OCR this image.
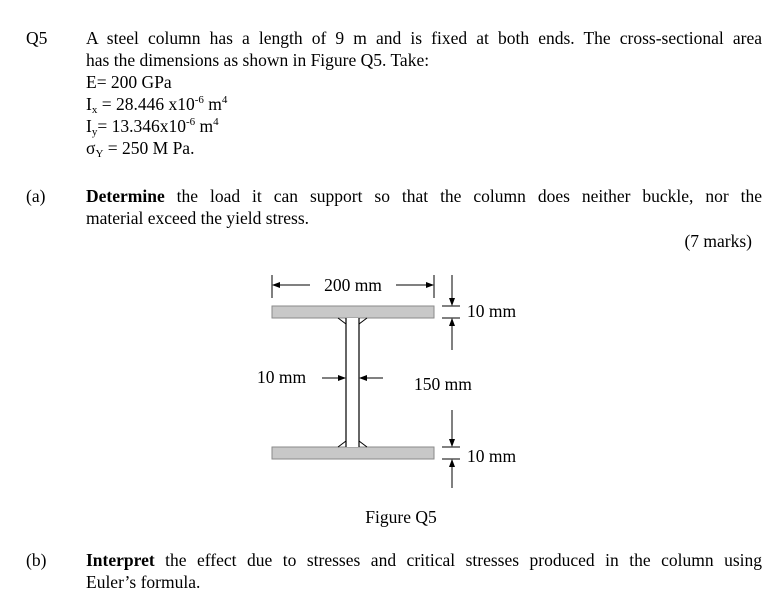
Q5 A steel column has a length of 9 m and is fixed at both ends. The cross-sectional area
has the dimensions as shown in Figure Q5. Take:
E= 200 GPa
$I_x = 28.446$ $x10^{-6}$ $m^4$
$I_y= 13.346x10^{-6}$ $m^4$
$\sigma_Y = 250$ M Pa.
(a) Determine the load it can support so that the column does neither buckle, nor the
material exceed the yield stress.
(7 marks)
200 mm
10 mm
150 mm
10 mm
10 mm
Figure Q5
(b) Interpret the effect due to stresses and critical stresses produced in the column using
Euler’s formula.
